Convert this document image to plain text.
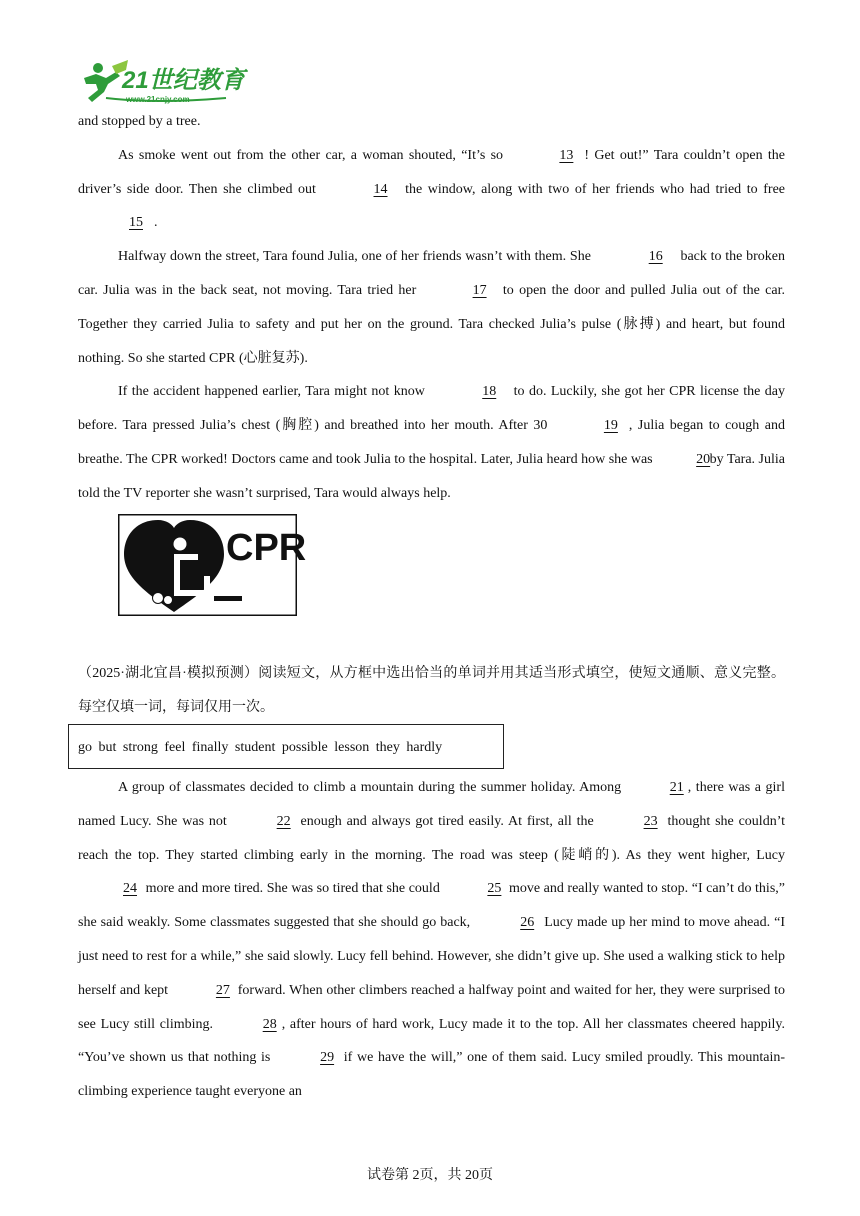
21世纪教育
www.21cnjy.com

and stopped by a tree.

As smoke went out from the other car, a woman shouted, “It’s so	13 ! Get out!” Tara couldn’t open the driver’s side door. Then she climbed out	14 the window, along with two of her friends who had tried to free 15 .

Halfway down the street, Tara found Julia, one of her friends wasn’t with them. She	16 back to the broken car. Julia was in the back seat, not moving. Tara tried her	17 to open the door and pulled Julia out of the car. Together they carried Julia to safety and put her on the ground. Tara checked Julia’s pulse (脉搏) and heart, but found nothing. So she started CPR (心脏复苏).

If the accident happened earlier, Tara might not know	18 to do. Luckily, she got her CPR license the day before. Tara pressed Julia’s chest (胸腔) and breathed into her mouth. After 30	19 , Julia began to cough and breathe. The CPR worked! Doctors came and took Julia to the hospital. Later, Julia heard how she was	20 by Tara. Julia told the TV reporter she wasn’t surprised, Tara would always help.

CPR
（2025·湖北宜昌·模拟预测）阅读短文，从方框中选出恰当的单词并用其适当形式填空，使短文通顺、意义完整。每空仅填一词，每词仅用一次。
go but strong feel finally student possible lesson they hardly

A group of classmates decided to climb a mountain during the summer holiday. Among	21 , there was a girl named Lucy. She was not	22 enough and always got tired easily. At first, all the	23 thought she couldn’t reach the top. They started climbing early in the morning. The road was steep (陡峭的). As they went higher, Lucy 24 more and more tired. She was so tired that she could	25 move and really wanted to stop. “I can’t do this,” she said weakly. Some classmates suggested that she should go back,	26 Lucy made up her mind to move ahead. “I just need to rest for a while,” she said slowly. Lucy fell behind. However, she didn’t give up. She used a walking stick to help herself and kept	27 forward. When other climbers reached a halfway point and waited for her, they were surprised to see Lucy still climbing.	28 , after hours of hard work, Lucy made it to the top. All her classmates cheered happily. “You’ve shown us that nothing is	29 if we have the will,” one of them said. Lucy smiled proudly. This mountain-climbing experience taught everyone an

试卷第 2页，共 20页
